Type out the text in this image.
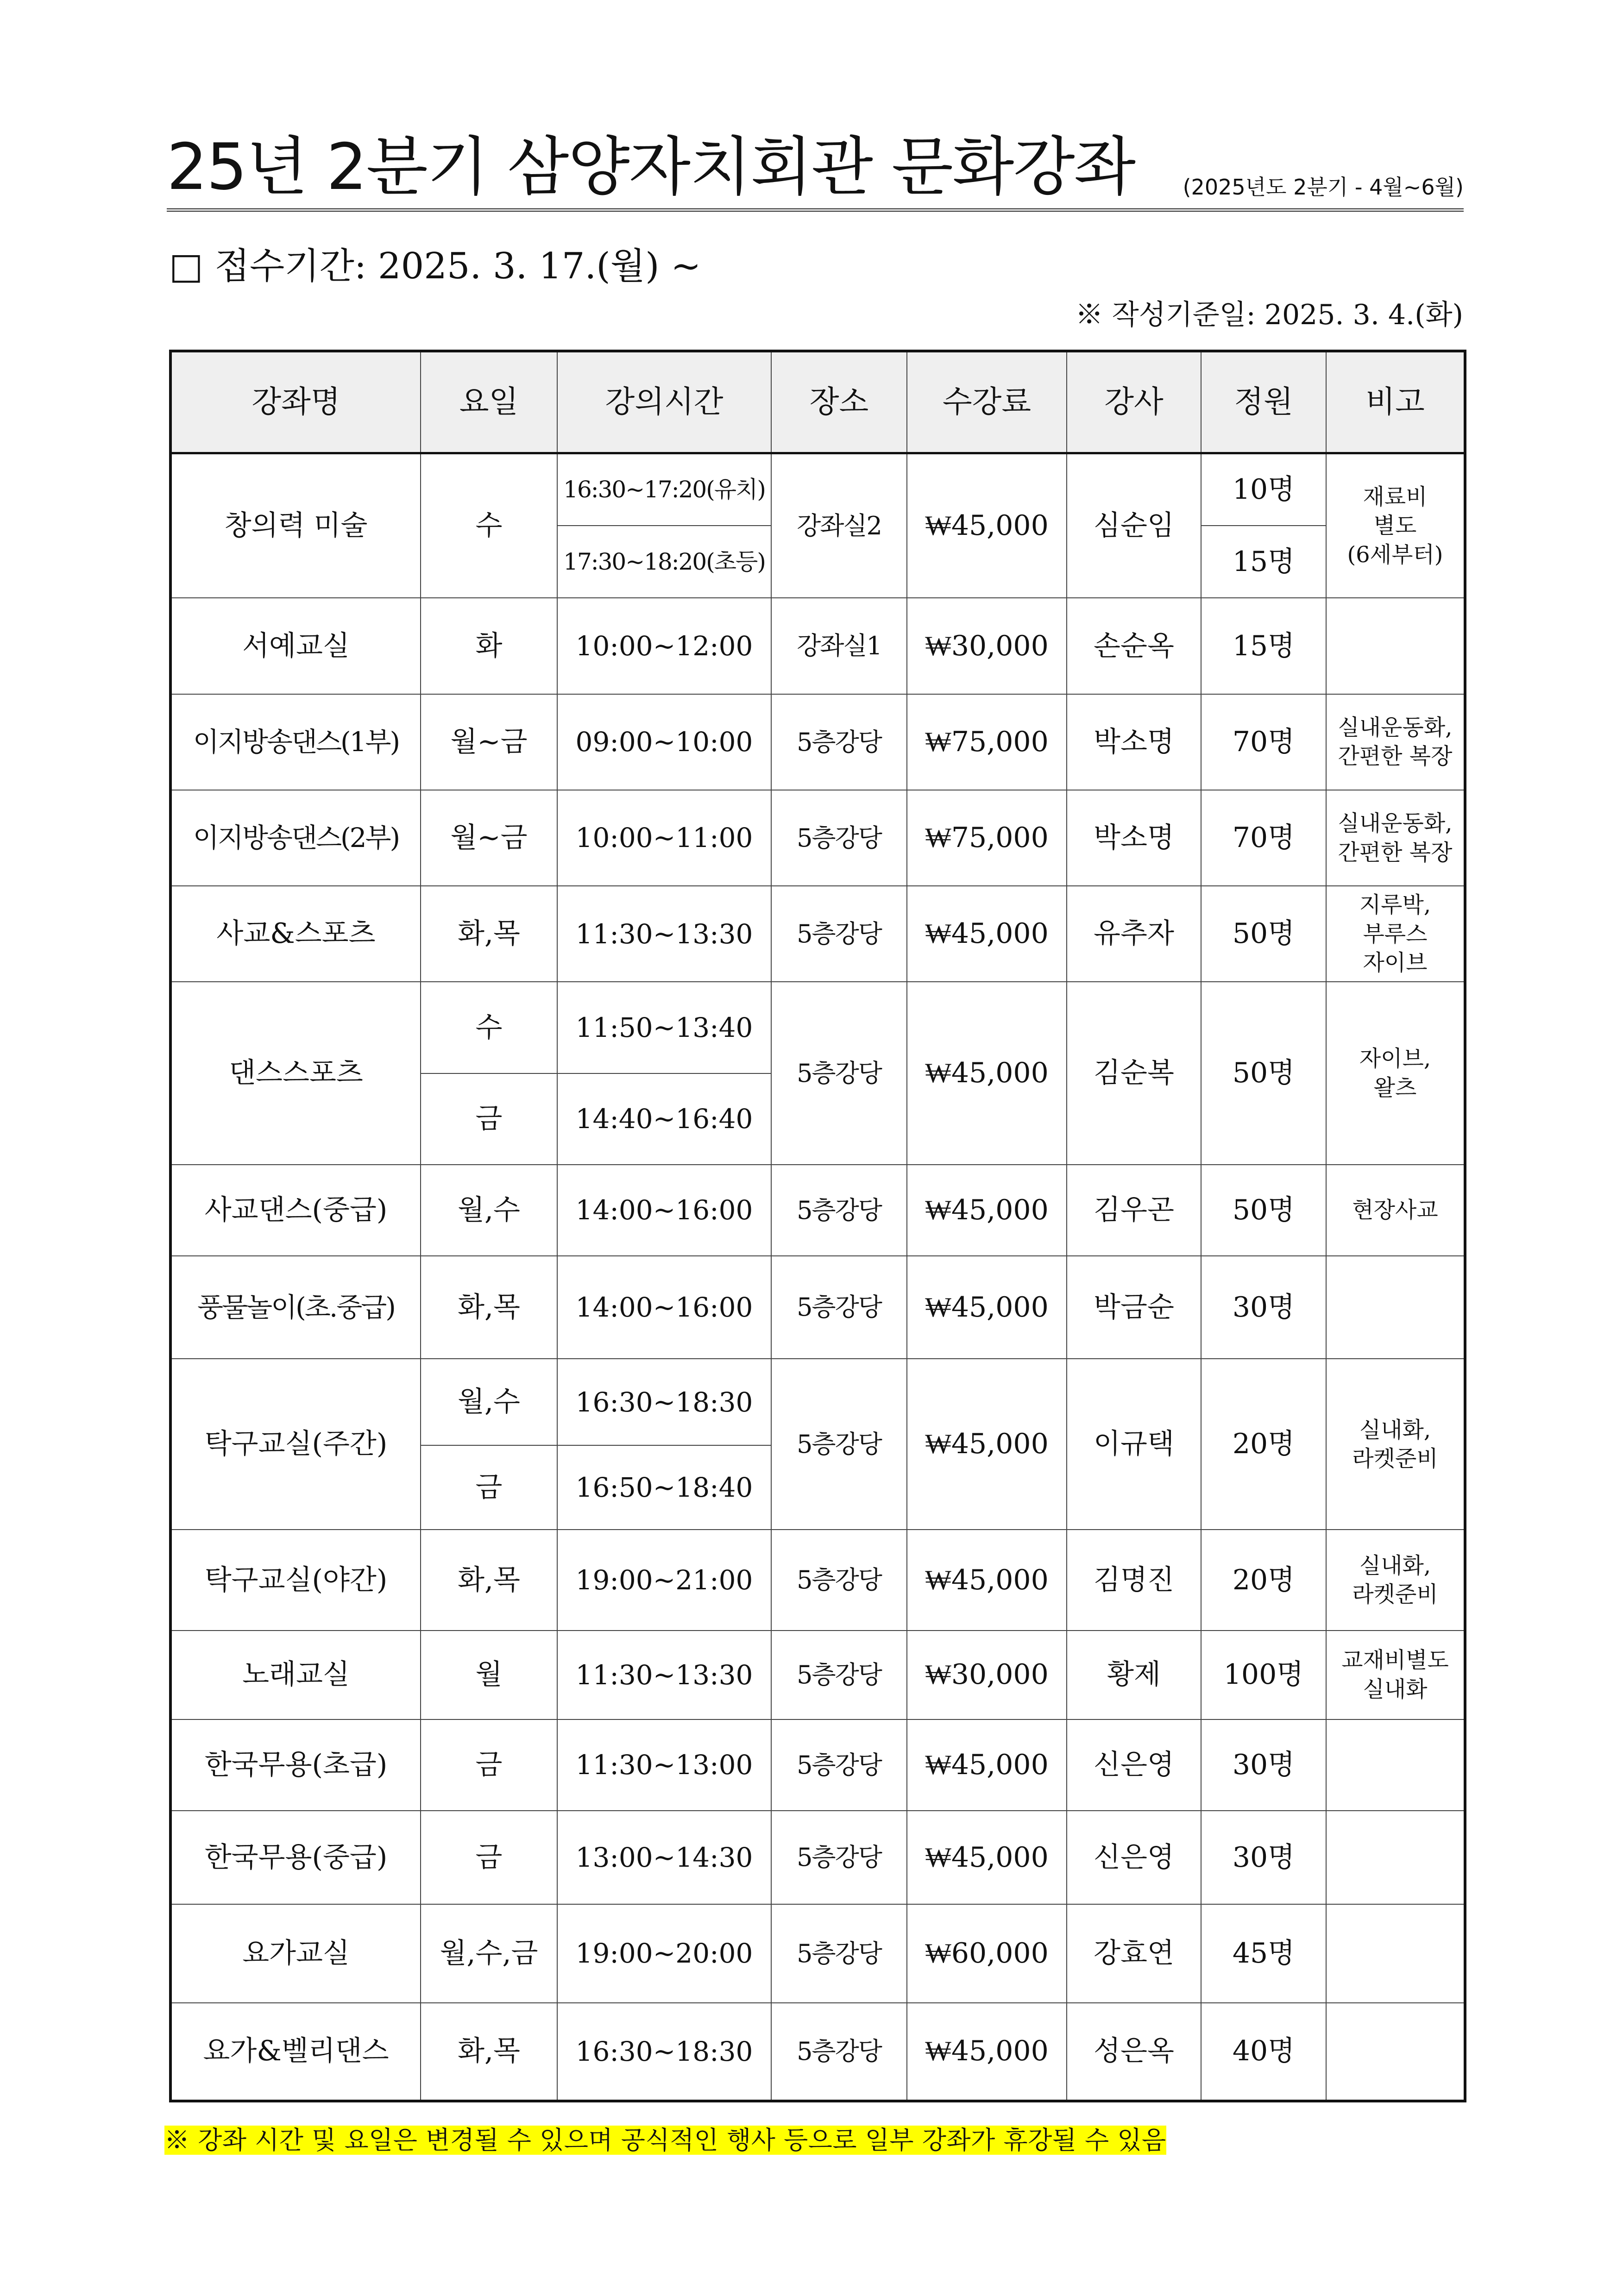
25년 2분기 삼양자치회관 문화강좌 (2025년도 2분기 - 4월~6월)
□ 접수기간: 2025. 3. 17.(월) ~
※ 작성기준일: 2025. 3. 4.(화)
강좌명	요일	강의시간	장소	수강료	강사	정원	비고
창의력 미술	수	16:30~17:20(유치)	강좌실2	₩45,000	심순임	10명	재료비
별도
(6세부터)
		17:30~18:20(초등)				15명	
서예교실	화	10:00~12:00	강좌실1	₩30,000	손순옥	15명	
이지방송댄스(1부)	월~금	09:00~10:00	5층강당	₩75,000	박소명	70명	실내운동화,
간편한 복장
이지방송댄스(2부)	월~금	10:00~11:00	5층강당	₩75,000	박소명	70명	실내운동화,
간편한 복장
사교&스포츠	화,목	11:30~13:30	5층강당	₩45,000	유추자	50명	지루박,
부루스
자이브
댄스스포츠	수	11:50~13:40	5층강당	₩45,000	김순복	50명	자이브,
왈츠
	금	14:40~16:40					
사교댄스(중급)	월,수	14:00~16:00	5층강당	₩45,000	김우곤	50명	현장사교
풍물놀이(초.중급)	화,목	14:00~16:00	5층강당	₩45,000	박금순	30명	
탁구교실(주간)	월,수	16:30~18:30	5층강당	₩45,000	이규택	20명	실내화,
라켓준비
	금	16:50~18:40					
탁구교실(야간)	화,목	19:00~21:00	5층강당	₩45,000	김명진	20명	실내화,
라켓준비
노래교실	월	11:30~13:30	5층강당	₩30,000	황제	100명	교재비별도
실내화
한국무용(초급)	금	11:30~13:00	5층강당	₩45,000	신은영	30명	
한국무용(중급)	금	13:00~14:30	5층강당	₩45,000	신은영	30명	
요가교실	월,수,금	19:00~20:00	5층강당	₩60,000	강효연	45명	
요가&벨리댄스	화,목	16:30~18:30	5층강당	₩45,000	성은옥	40명	
※ 강좌 시간 및 요일은 변경될 수 있으며 공식적인 행사 등으로 일부 강좌가 휴강될 수 있음
